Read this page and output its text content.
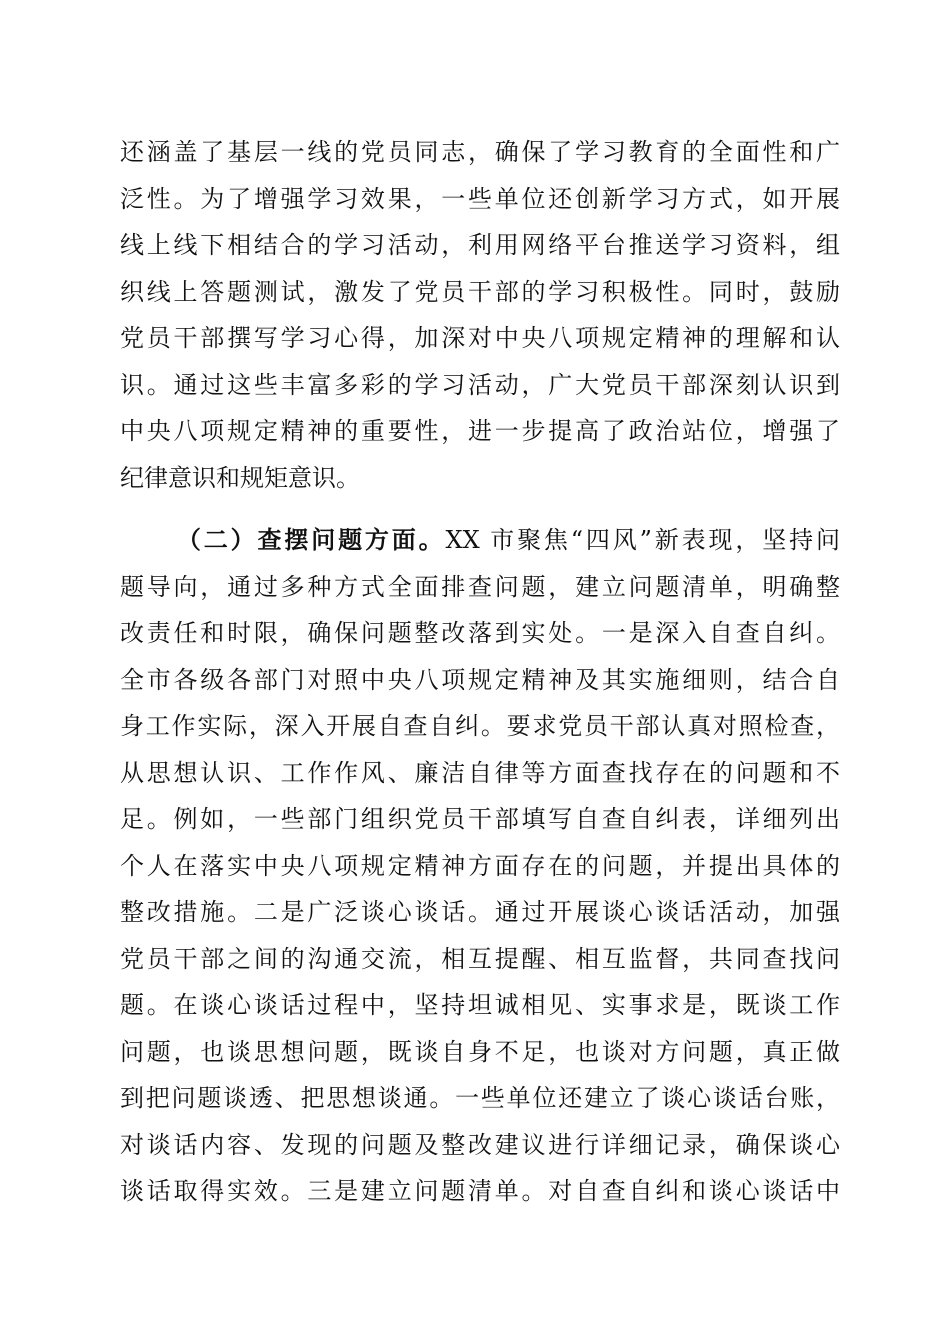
还涵盖了基层一线的党员同志，确保了学习教育的全面性和广
泛性。为了增强学习效果，一些单位还创新学习方式，如开展
线上线下相结合的学习活动，利用网络平台推送学习资料，组
织线上答题测试，激发了党员干部的学习积极性。同时，鼓励
党员干部撰写学习心得，加深对中央八项规定精神的理解和认
识。通过这些丰富多彩的学习活动，广大党员干部深刻认识到
中央八项规定精神的重要性，进一步提高了政治站位，增强了
纪律意识和规矩意识。
（二）查摆问题方面。XX 市聚焦“四风”新表现，坚持问
题导向，通过多种方式全面排查问题，建立问题清单，明确整
改责任和时限，确保问题整改落到实处。一是深入自查自纠。
全市各级各部门对照中央八项规定精神及其实施细则，结合自
身工作实际，深入开展自查自纠。要求党员干部认真对照检查，
从思想认识、工作作风、廉洁自律等方面查找存在的问题和不
足。例如，一些部门组织党员干部填写自查自纠表，详细列出
个人在落实中央八项规定精神方面存在的问题，并提出具体的
整改措施。二是广泛谈心谈话。通过开展谈心谈话活动，加强
党员干部之间的沟通交流，相互提醒、相互监督，共同查找问
题。在谈心谈话过程中，坚持坦诚相见、实事求是，既谈工作
问题，也谈思想问题，既谈自身不足，也谈对方问题，真正做
到把问题谈透、把思想谈通。一些单位还建立了谈心谈话台账，
对谈话内容、发现的问题及整改建议进行详细记录，确保谈心
谈话取得实效。三是建立问题清单。对自查自纠和谈心谈话中
